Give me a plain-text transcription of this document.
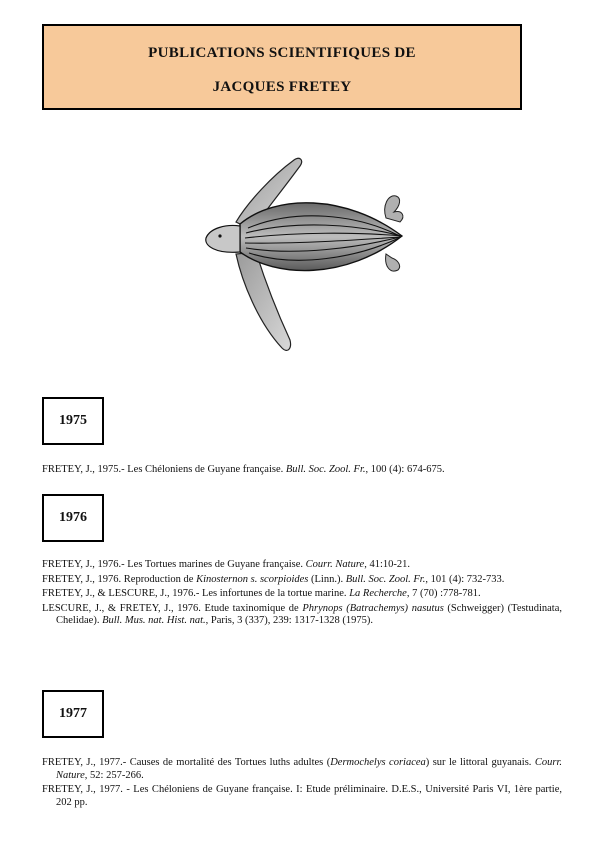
PUBLICATIONS SCIENTIFIQUES DE
JACQUES FRETEY
1975

FRETEY, J., 1975.- Les Chéloniens de Guyane française. Bull. Soc. Zool. Fr., 100 (4): 674-675.

1976

FRETEY, J., 1976.- Les Tortues marines de Guyane française. Courr. Nature, 41:10-21.

FRETEY, J., 1976. Reproduction de Kinosternon s. scorpioides (Linn.). Bull. Soc. Zool. Fr., 101 (4): 732-733.

FRETEY, J., & LESCURE, J., 1976.- Les infortunes de la tortue marine. La Recherche, 7 (70) :778-781.

LESCURE, J., & FRETEY, J., 1976. Etude taxinomique de Phrynops (Batrachemys) nasutus (Schweigger) (Testudinata, Chelidae). Bull. Mus. nat. Hist. nat., Paris, 3 (337), 239: 1317-1328 (1975).

1977

FRETEY, J., 1977.- Causes de mortalité des Tortues luths adultes (Dermochelys coriacea) sur le littoral guyanais. Courr. Nature, 52: 257-266.

FRETEY, J., 1977. - Les Chéloniens de Guyane française. I: Etude préliminaire. D.E.S., Université Paris VI, 1ère partie, 202 pp.
